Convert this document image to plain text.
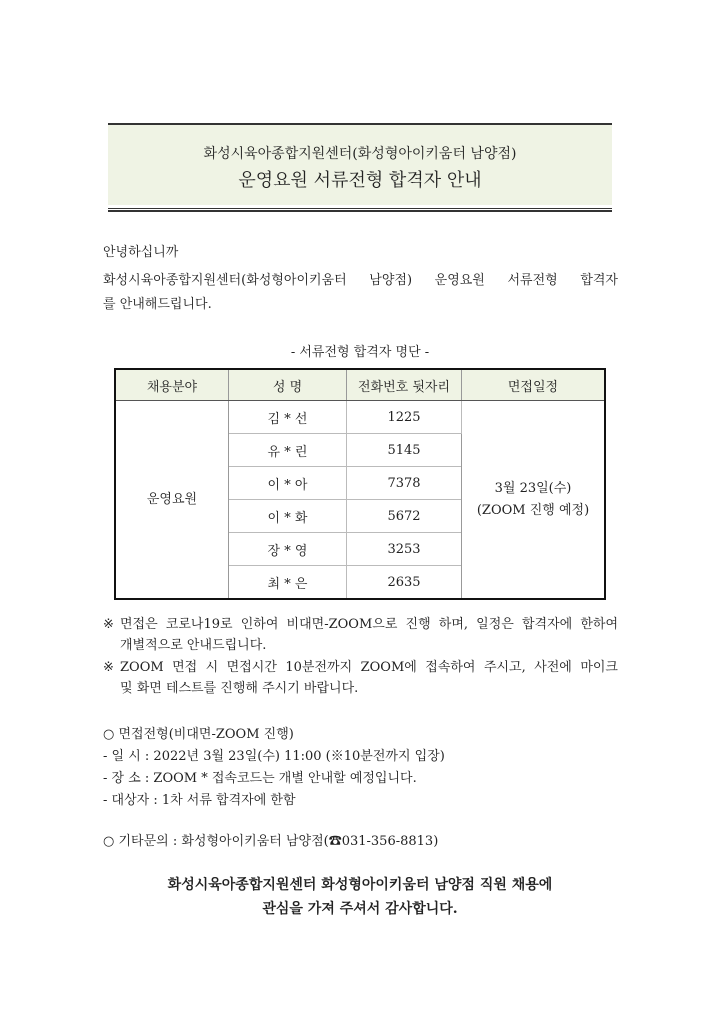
화성시육아종합지원센터(화성형아이키움터 남양점)
운영요원 서류전형 합격자 안내
안녕하십니까
화성시육아종합지원센터(화성형아이키움터 남양점) 운영요원 서류전형 합격자
를 안내해드립니다.
- 서류전형 합격자 명단 -
채용분야	성 명	전화번호 뒷자리	면접일정
운영요원	김 * 선	1225	3월 23일(수)
(ZOOM 진행 예정)

	유 * 린	5145	
	이 * 아	7378	
	이 * 화	5672	
	장 * 영	3253	
	최 * 은	2635	
※ 면접은 코로나19로 인하여 비대면-ZOOM으로 진행 하며, 일정은 합격자에 한하여
개별적으로 안내드립니다.
※ ZOOM 면접 시 면접시간 10분전까지 ZOOM에 접속하여 주시고, 사전에 마이크
및 화면 테스트를 진행해 주시기 바랍니다.
○ 면접전형(비대면-ZOOM 진행)
- 일 시 : 2022년 3월 23일(수) 11:00 (※10분전까지 입장)
- 장 소 : ZOOM * 접속코드는 개별 안내할 예정입니다.
- 대상자 : 1차 서류 합격자에 한함
○ 기타문의 : 화성형아이키움터 남양점(☎031-356-8813)
화성시육아종합지원센터 화성형아이키움터 남양점 직원 채용에
관심을 가져 주셔서 감사합니다.
